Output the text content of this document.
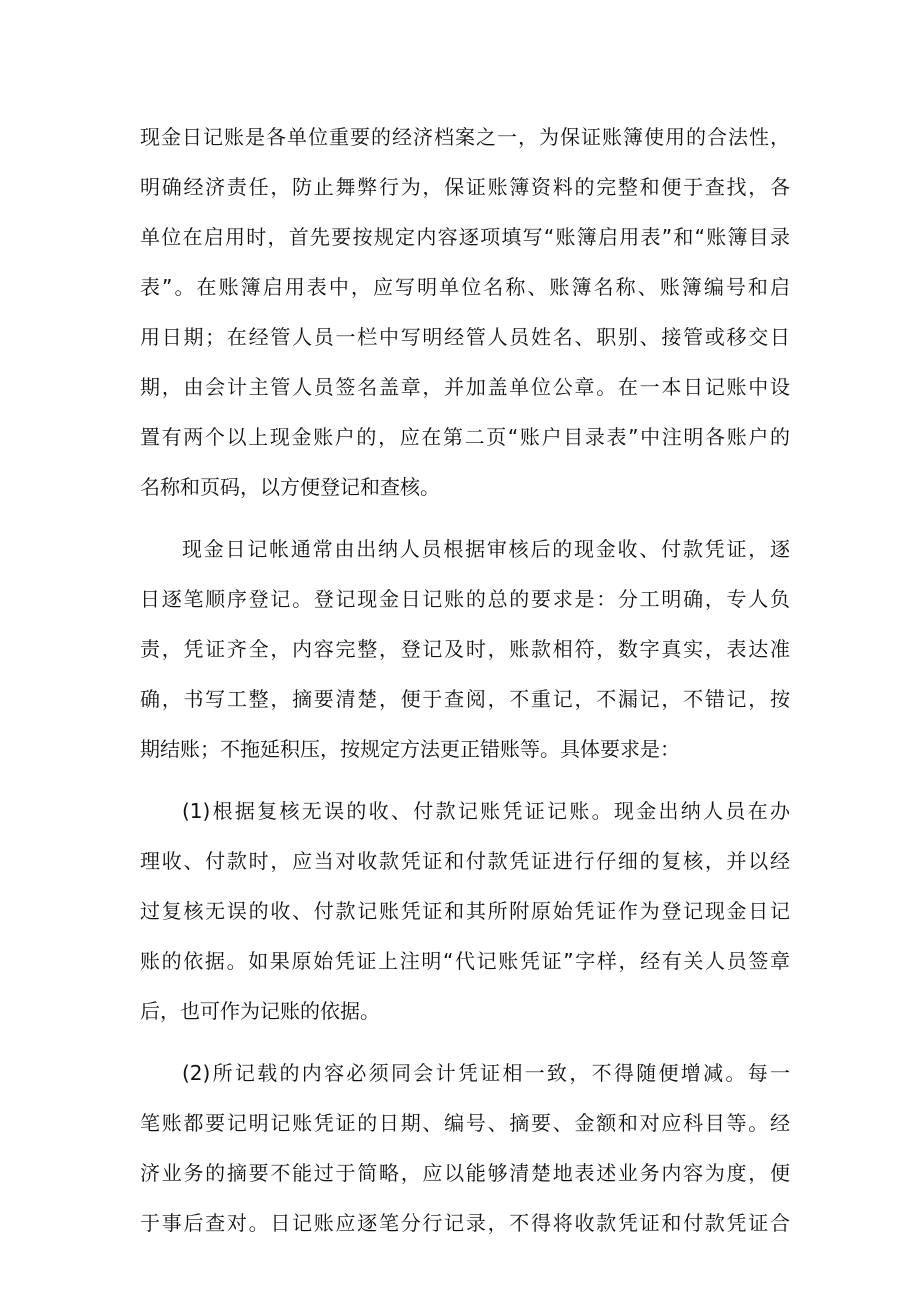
现金日记账是各单位重要的经济档案之一，为保证账簿使用的合法性，
明确经济责任，防止舞弊行为，保证账簿资料的完整和便于查找，各
单位在启用时，首先要按规定内容逐项填写“账簿启用表”和“账簿目录
表”。在账簿启用表中，应写明单位名称、账簿名称、账簿编号和启
用日期；在经管人员一栏中写明经管人员姓名、职别、接管或移交日
期，由会计主管人员签名盖章，并加盖单位公章。在一本日记账中设
置有两个以上现金账户的，应在第二页“账户目录表”中注明各账户的
名称和页码，以方便登记和查核。
现金日记帐通常由出纳人员根据审核后的现金收、付款凭证，逐
日逐笔顺序登记。登记现金日记账的总的要求是：分工明确，专人负
责，凭证齐全，内容完整，登记及时，账款相符，数字真实，表达准
确，书写工整，摘要清楚，便于查阅，不重记，不漏记，不错记，按
期结账；不拖延积压，按规定方法更正错账等。具体要求是：
(1)根据复核无误的收、付款记账凭证记账。现金出纳人员在办
理收、付款时，应当对收款凭证和付款凭证进行仔细的复核，并以经
过复核无误的收、付款记账凭证和其所附原始凭证作为登记现金日记
账的依据。如果原始凭证上注明“代记账凭证”字样，经有关人员签章
后，也可作为记账的依据。
(2)所记载的内容必须同会计凭证相一致，不得随便增减。每一
笔账都要记明记账凭证的日期、编号、摘要、金额和对应科目等。经
济业务的摘要不能过于简略，应以能够清楚地表述业务内容为度，便
于事后查对。日记账应逐笔分行记录，不得将收款凭证和付款凭证合
